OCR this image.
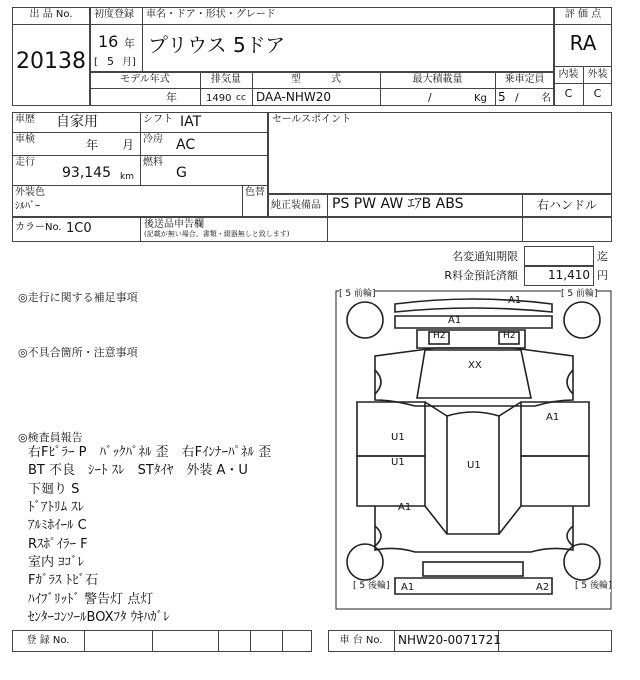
出 品 No.
20138
初度登録 車名・ドア・形状・グレード
16 年
[ 5 月]
プリウス 5ドア
評 価 点
RA
内装 外装
C	C
モデル年式	排気量	型　　　式	最大積載量	乗車定員
年	1490 cc DAA-NHW20	/	Kg 5 / 名
車歴 自家用	シフト IAT
車検	年 月 冷房 AC
走行
93,145 km
燃料
G
外装色
ｼﾙﾊﾞｰ
色替
セールスポイント
純正装備品 PS PW AW ｴｱB ABS	右ハンドル
カラーNo. 1C0	後送品申告欄
(記載が無い場合、書類・綴器無しと致します)
名変通知期限	迄
R料金預託済額	11,410 円
◎走行に関する補足事項
◎不具合箇所・注意事項
◎検査員報告
右Fﾋﾟﾗｰ P　ﾊﾞｯｸﾊﾟﾈﾙ 歪　右Fｲﾝﾅｰﾊﾟﾈﾙ 歪
BT 不良　ｼｰﾄ ｽﾚ　STﾀｲﾔ　外装 A・U
下廻り S
ﾄﾞｱﾄﾘﾑ ｽﾚ
ｱﾙﾐﾎｲｰﾙ C
Rｽﾎﾟｲﾗｰ F
室内 ﾖｺﾞﾚ
Fｶﾞﾗｽ ﾄﾋﾞ石
ﾊｲﾌﾞﾘｯﾄﾞ 警告灯 点灯
ｾﾝﾀｰｺﾝｿｰﾙBOXﾌﾀ ｳｷﾊｶﾞﾚ
[ 5 前輪]	[ 5 前輪]
[ 5 後輪]	[ 5 後輪]
A1
A1
H2	H2
XX
A1
U1
U1	U1
A1
A1	A2
登 録 No.	車 台 No.	NHW20-0071721
